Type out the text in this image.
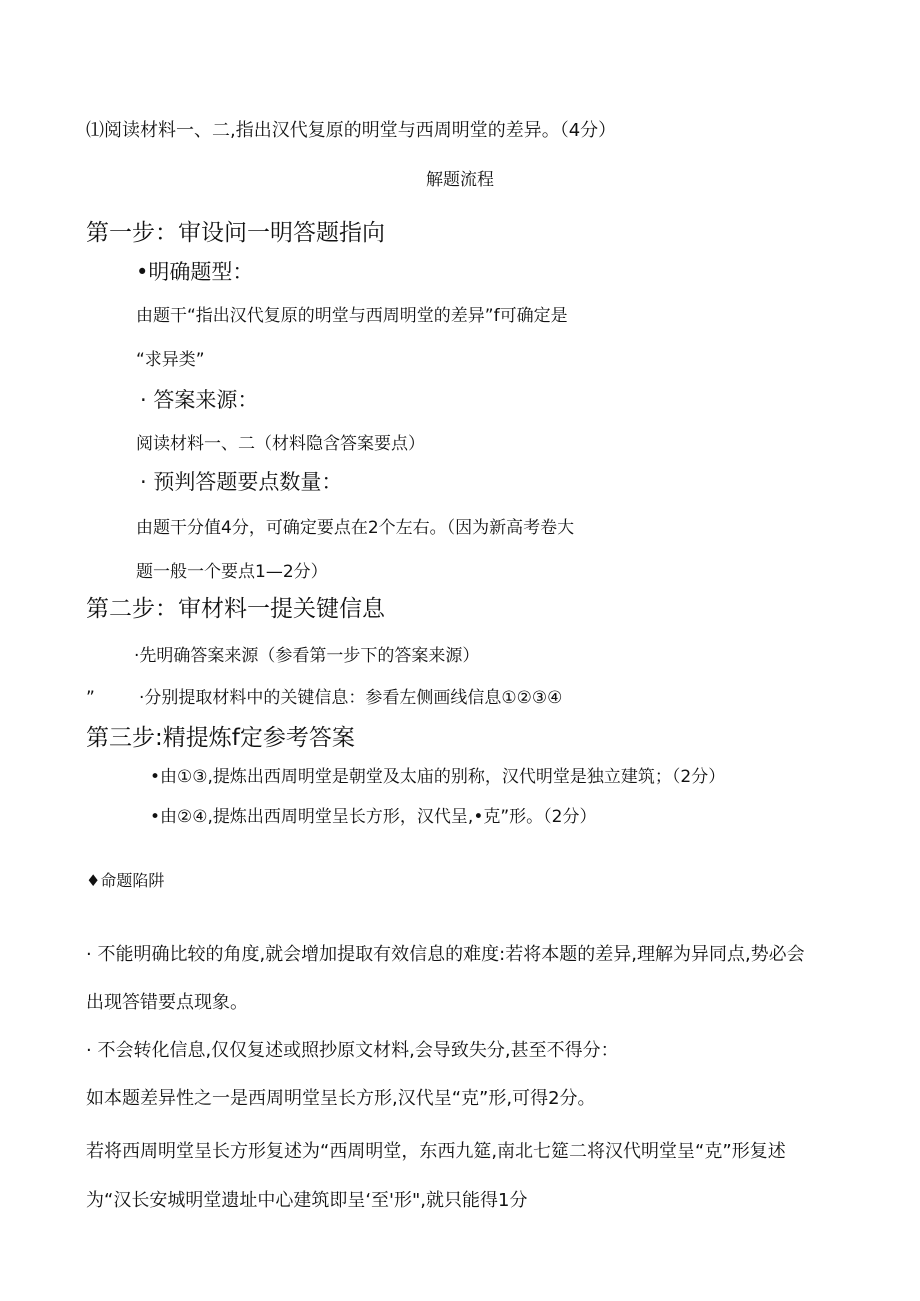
⑴阅读材料一、二,指出汉代复原的明堂与西周明堂的差异。（4分）
解题流程
第一步：审设问一明答题指向
•明确题型：
由题干“指出汉代复原的明堂与西周明堂的差异”f可确定是
“求异类”
· 答案来源：
阅读材料一、二（材料隐含答案要点）
· 预判答题要点数量：
由题干分值4分，可确定要点在2个左右。（因为新高考卷大
题一般一个要点1—2分）
第二步：审材料一提关键信息
·先明确答案来源（参看第一步下的答案来源）
”	·分别提取材料中的关键信息：参看左侧画线信息①②③④
第三步:精提炼f定参考答案
•由①③,提炼出西周明堂是朝堂及太庙的别称，汉代明堂是独立建筑；（2分）
•由②④,提炼出西周明堂呈长方形，汉代呈,•克”形。（2分）
♦命题陷阱
· 不能明确比较的角度,就会增加提取有效信息的难度:若将本题的差异,理解为异同点,势必会
出现答错要点现象。
· 不会转化信息,仅仅复述或照抄原文材料,会导致失分,甚至不得分：
如本题差异性之一是西周明堂呈长方形,汉代呈“克”形,可得2分。
若将西周明堂呈长方形复述为“西周明堂，东西九筵,南北七筵二将汉代明堂呈“克”形复述
为“汉长安城明堂遗址中心建筑即呈‘至'形",就只能得1分
